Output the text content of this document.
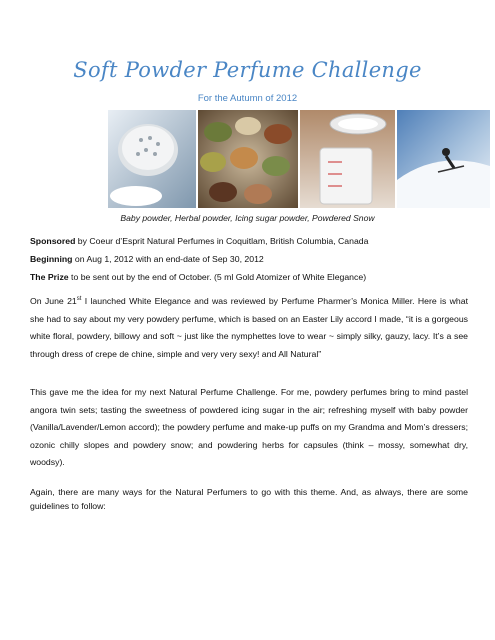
Soft Powder Perfume Challenge
For the Autumn of 2012
Baby powder, Herbal powder, Icing sugar powder, Powdered Snow
Sponsored by Coeur d’Esprit Natural Perfumes in Coquitlam, British Columbia, Canada
Beginning on Aug 1, 2012 with an end-date of Sep 30, 2012
The Prize to be sent out by the end of October. (5 ml Gold Atomizer of White Elegance)
On June 21st I launched White Elegance and was reviewed by Perfume Pharmer’s Monica Miller. Here is what she had to say about my very powdery perfume, which is based on an Easter Lily accord I made, “it is a gorgeous white floral, powdery, billowy and soft ~ just like the nymphettes love to wear ~ simply silky, gauzy, lacy. It’s a see through dress of crepe de chine, simple and very very sexy! and All Natural”
This gave me the idea for my next Natural Perfume Challenge. For me, powdery perfumes bring to mind pastel angora twin sets; tasting the sweetness of powdered icing sugar in the air; refreshing myself with baby powder (Vanilla/Lavender/Lemon accord); the powdery perfume and make-up puffs on my Grandma and Mom’s dressers; ozonic chilly slopes and powdery snow; and powdering herbs for capsules (think – mossy, somewhat dry, woodsy).
Again, there are many ways for the Natural Perfumers to go with this theme. And, as always, there are some guidelines to follow:
